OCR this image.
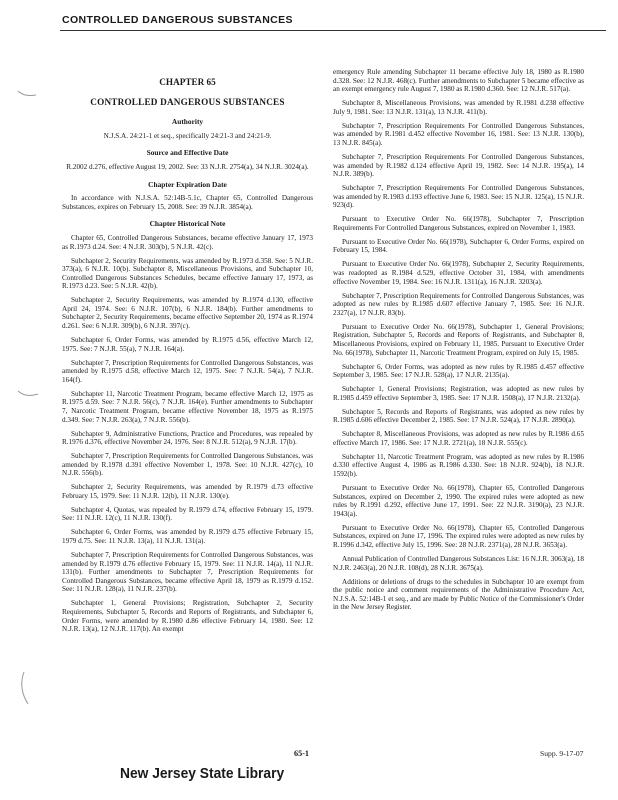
CONTROLLED DANGEROUS SUBSTANCES
CHAPTER 65
CONTROLLED DANGEROUS SUBSTANCES
Authority

N.J.S.A. 24:21-1 et seq., specifically 24:21-3 and 24:21-9.

Source and Effective Date

R.2002 d.276, effective August 19, 2002. See: 33 N.J.R. 2754(a), 34 N.J.R. 3024(a).

Chapter Expiration Date

In accordance with N.J.S.A. 52:14B-5.1c, Chapter 65, Controlled Dangerous Substances, expires on February 15, 2008. See: 39 N.J.R. 3854(a).

Chapter Historical Note

Chapter 65, Controlled Dangerous Substances, became effective January 17, 1973 as R.1973 d.24. See: 4 N.J.R. 303(b), 5 N.J.R. 42(c).

Subchapter 2, Security Requirements, was amended by R.1973 d.358. See: 5 N.J.R. 373(a), 6 N.J.R. 10(b). Subchapter 8, Miscellaneous Provisions, and Subchapter 10, Controlled Dangerous Substances Schedules, became effective January 17, 1973, as R.1973 d.23. See: 5 N.J.R. 42(b).

Subchapter 2, Security Requirements, was amended by R.1974 d.130, effective April 24, 1974. See: 6 N.J.R. 107(b), 6 N.J.R. 184(b). Further amendments to Subchapter 2, Security Requirements, became effective September 20, 1974 as R.1974 d.261. See: 6 N.J.R. 309(b), 6 N.J.R. 397(c).

Subchapter 6, Order Forms, was amended by R.1975 d.56, effective March 12, 1975. See: 7 N.J.R. 55(a), 7 N.J.R. 164(a).

Subchapter 7, Prescription Requirements for Controlled Dangerous Substances, was amended by R.1975 d.58, effective March 12, 1975. See: 7 N.J.R. 54(a), 7 N.J.R. 164(f).

Subchapter 11, Narcotic Treatment Program, became effective March 12, 1975 as R.1975 d.59. See: 7 N.J.R. 56(c), 7 N.J.R. 164(e). Further amendments to Subchapter 7, Narcotic Treatment Program, became effective November 18, 1975 as R.1975 d.349. See: 7 N.J.R. 263(a), 7 N.J.R. 556(b).

Subchapter 9, Administrative Functions, Practice and Procedures, was repealed by R.1976 d.376, effective November 24, 1976. See: 8 N.J.R. 512(a), 9 N.J.R. 17(b).

Subchapter 7, Prescription Requirements for Controlled Dangerous Substances, was amended by R.1978 d.391 effective November 1, 1978. See: 10 N.J.R. 427(c), 10 N.J.R. 556(b).

Subchapter 2, Security Requirements, was amended by R.1979 d.73 effective February 15, 1979. See: 11 N.J.R. 12(b), 11 N.J.R. 130(e).

Subchapter 4, Quotas, was repealed by R.1979 d.74, effective February 15, 1979. See: 11 N.J.R. 12(c), 11 N.J.R. 130(f).

Subchapter 6, Order Forms, was amended by R.1979 d.75 effective February 15, 1979 d.75. See: 11 N.J.R. 13(a), 11 N.J.R. 131(a).

Subchapter 7, Prescription Requirements for Controlled Dangerous Substances, was amended by R.1979 d.76 effective February 15, 1979. See: 11 N.J.R. 14(a), 11 N.J.R. 131(b). Further amendments to Subchapter 7, Prescription Requirements for Controlled Dangerous Substances, became effective April 18, 1979 as R.1979 d.152. See: 11 N.J.R. 128(a), 11 N.J.R. 237(b).

Subchapter 1, General Provisions; Registration, Subchapter 2, Security Requirements, Subchapter 5, Records and Reports of Registrants, and Subchapter 6, Order Forms, were amended by R.1980 d.86 effective February 14, 1980. See: 12 N.J.R. 13(a), 12 N.J.R. 117(b). An exempt

emergency Rule amending Subchapter 11 became effective July 18, 1980 as R.1980 d.328. See: 12 N.J.R. 468(c). Further amendments to Subchapter 5 became effective as an exempt emergency rule August 7, 1980 as R.1980 d.360. See: 12 N.J.R. 517(a).

Subchapter 8, Miscellaneous Provisions, was amended by R.1981 d.238 effective July 9, 1981. See: 13 N.J.R. 131(a), 13 N.J.R. 411(b).

Subchapter 7, Prescription Requirements For Controlled Dangerous Substances, was amended by R.1981 d.452 effective November 16, 1981. See: 13 N.J.R. 130(b), 13 N.J.R. 845(a).

Subchapter 7, Prescription Requirements For Controlled Dangerous Substances, was amended by R.1982 d.124 effective April 19, 1982. See: 14 N.J.R. 195(a), 14 N.J.R. 389(b).

Subchapter 7, Prescription Requirements For Controlled Dangerous Substances, was amended by R.1983 d.193 effective June 6, 1983. See: 15 N.J.R. 125(a), 15 N.J.R. 923(d).

Pursuant to Executive Order No. 66(1978), Subchapter 7, Prescription Requirements For Controlled Dangerous Substances, expired on November 1, 1983.

Pursuant to Executive Order No. 66(1978), Subchapter 6, Order Forms, expired on February 15, 1984.

Pursuant to Executive Order No. 66(1978), Subchapter 2, Security Requirements, was readopted as R.1984 d.529, effective October 31, 1984, with amendments effective November 19, 1984. See: 16 N.J.R. 1311(a), 16 N.J.R. 3203(a).

Subchapter 7, Prescription Requirements for Controlled Dangerous Substances, was adopted as new rules by R.1985 d.607 effective January 7, 1985. See: 16 N.J.R. 2327(a), 17 N.J.R. 83(b).

Pursuant to Executive Order No. 66(1978), Subchapter 1, General Provisions; Registration, Subchapter 5, Records and Reports of Registrants, and Subchapter 8, Miscellaneous Provisions, expired on February 11, 1985. Pursuant to Executive Order No. 66(1978), Subchapter 11, Narcotic Treatment Program, expired on July 15, 1985.

Subchapter 6, Order Forms, was adopted as new rules by R.1985 d.457 effective September 3, 1985. See: 17 N.J.R. 528(a), 17 N.J.R. 2135(a).

Subchapter 1, General Provisions; Registration, was adopted as new rules by R.1985 d.459 effective September 3, 1985. See: 17 N.J.R. 1508(a), 17 N.J.R. 2132(a).

Subchapter 5, Records and Reports of Registrants, was adopted as new rules by R.1985 d.606 effective December 2, 1985. See: 17 N.J.R. 524(a), 17 N.J.R. 2890(a).

Subchapter 8, Miscellaneous Provisions, was adopted as new rules by R.1986 d.65 effective March 17, 1986. See: 17 N.J.R. 2721(a), 18 N.J.R. 555(c).

Subchapter 11, Narcotic Treatment Program, was adopted as new rules by R.1986 d.330 effective August 4, 1986 as R.1986 d.330. See: 18 N.J.R. 924(b), 18 N.J.R. 1592(b).

Pursuant to Executive Order No. 66(1978), Chapter 65, Controlled Dangerous Substances, expired on December 2, 1990. The expired rules were adopted as new rules by R.1991 d.292, effective June 17, 1991. See: 22 N.J.R. 3190(a), 23 N.J.R. 1943(a).

Pursuant to Executive Order No. 66(1978), Chapter 65, Controlled Dangerous Substances, expired on June 17, 1996. The expired rules were adopted as new rules by R.1996 d.342, effective July 15, 1996. See: 28 N.J.R. 2371(a), 28 N.J.R. 3653(a).

Annual Publication of Controlled Dangerous Substances List: 16 N.J.R. 3063(a), 18 N.J.R. 2463(a), 20 N.J.R. 108(d), 28 N.J.R. 3675(a).

Additions or deletions of drugs to the schedules in Subchapter 10 are exempt from the public notice and comment requirements of the Administrative Procedure Act, N.J.S.A. 52:14B-1 et seq., and are made by Public Notice of the Commissioner's Order in the New Jersey Register.

65-1	Supp. 9-17-07
New Jersey State Library
